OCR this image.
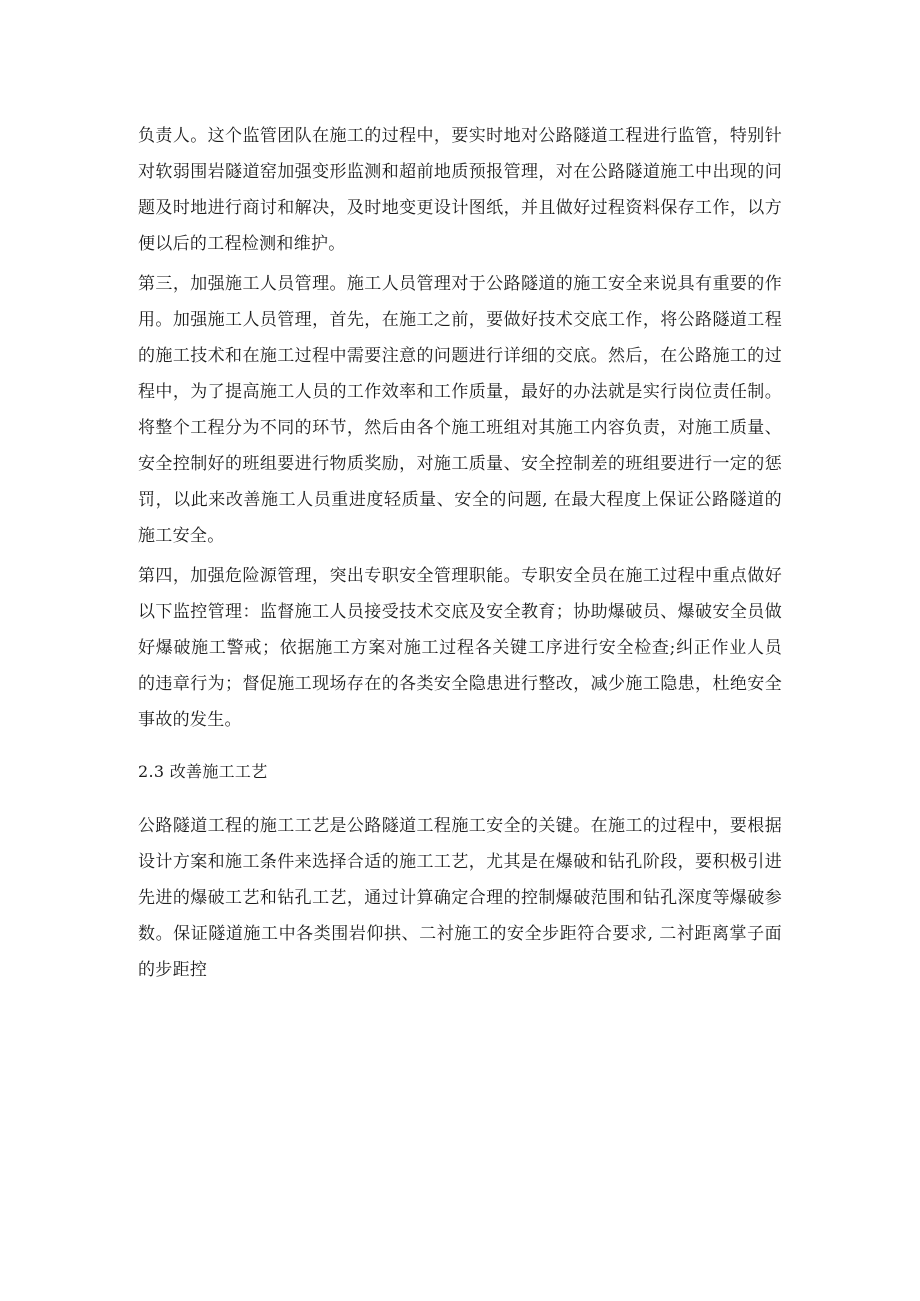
负责人。这个监管团队在施工的过程中，要实时地对公路隧道工程进行监管，特别针对软弱围岩隧道窑加强变形监测和超前地质预报管理，对在公路隧道施工中出现的问题及时地进行商讨和解决，及时地变更设计图纸，并且做好过程资料保存工作，以方便以后的工程检测和维护。

第三，加强施工人员管理。施工人员管理对于公路隧道的施工安全来说具有重要的作用。加强施工人员管理，首先，在施工之前，要做好技术交底工作，将公路隧道工程的施工技术和在施工过程中需要注意的问题进行详细的交底。然后，在公路施工的过程中，为了提高施工人员的工作效率和工作质量，最好的办法就是实行岗位责任制。将整个工程分为不同的环节，然后由各个施工班组对其施工内容负责，对施工质量、安全控制好的班组要进行物质奖励，对施工质量、安全控制差的班组要进行一定的惩罚，以此来改善施工人员重进度轻质量、安全的问题, 在最大程度上保证公路隧道的施工安全。

第四，加强危险源管理，突出专职安全管理职能。专职安全员在施工过程中重点做好以下监控管理：监督施工人员接受技术交底及安全教育；协助爆破员、爆破安全员做好爆破施工警戒；依据施工方案对施工过程各关键工序进行安全检查;纠正作业人员的违章行为；督促施工现场存在的各类安全隐患进行整改，减少施工隐患，杜绝安全事故的发生。

2.3 改善施工工艺

公路隧道工程的施工工艺是公路隧道工程施工安全的关键。在施工的过程中，要根据设计方案和施工条件来选择合适的施工工艺，尤其是在爆破和钻孔阶段，要积极引进先进的爆破工艺和钻孔工艺，通过计算确定合理的控制爆破范围和钻孔深度等爆破参数。保证隧道施工中各类围岩仰拱、二衬施工的安全步距符合要求, 二衬距离掌子面的步距控
